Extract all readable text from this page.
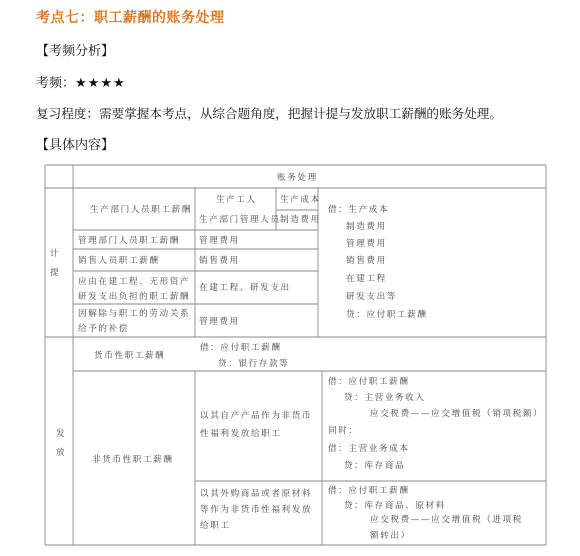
考点七：职工薪酬的账务处理
【考频分析】
考频：★★★★
复习程度：需要掌握本考点，从综合题角度，把握计提与发放职工薪酬的账务处理。
【具体内容】
账务处理
计
提
发
放
生产部门人员职工薪酬
生产工人	生产成本
生产部门管理人员 制造费用
管理部门人员职工薪酬 管理费用
销售人员职工薪酬	销售费用
应由在建工程、无形资产
研发支出负担的职工薪酬
在建工程、研发支出
因解除与职工的劳动关系
给予的补偿
管理费用
借：生产成本
制造费用
管理费用
销售费用
在建工程
研发支出等
贷：应付职工薪酬
货币性职工薪酬
借：应付职工薪酬
贷：银行存款等
非货币性职工薪酬
以其自产产品作为非货币
性福利发放给职工
借：应付职工薪酬
贷：主营业务收入
应交税费——应交增值税（销项税额）
同时：
借：主营业务成本
贷：库存商品
以其外购商品或者原材料
等作为非货币性福利发放
给职工
借：应付职工薪酬
贷：库存商品、原材料
应交税费——应交增值税（进项税
额转出）
